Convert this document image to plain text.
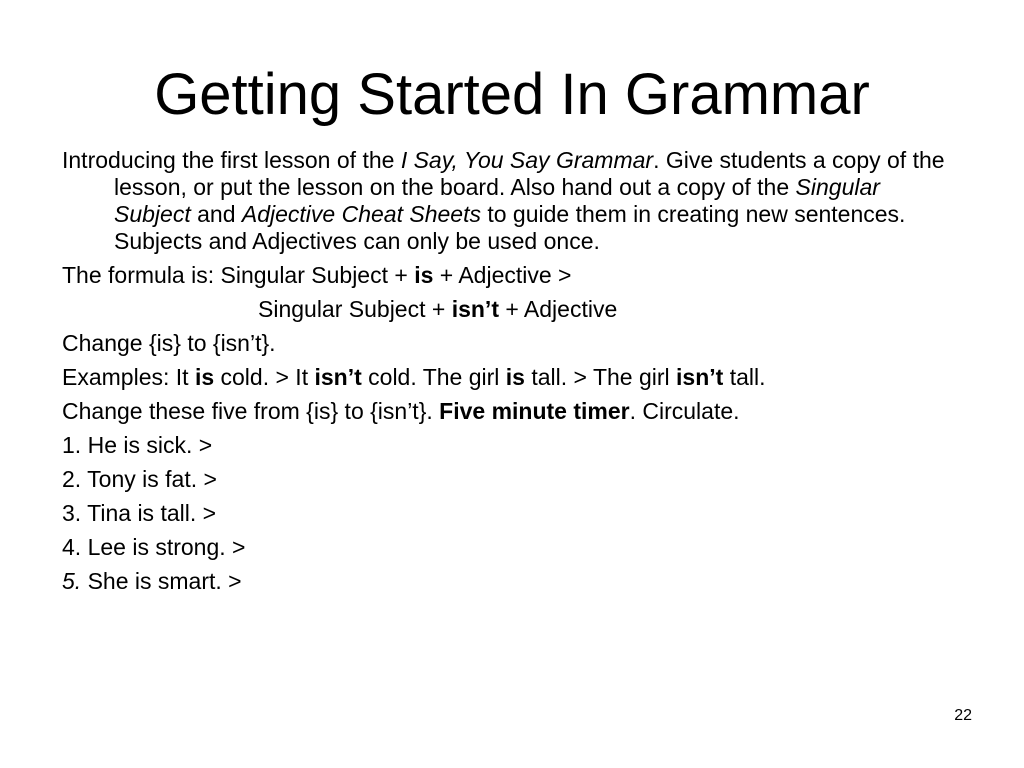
Getting Started In Grammar
Introducing the first lesson of the I Say, You Say Grammar. Give students a copy of the lesson, or put the lesson on the board. Also hand out a copy of the Singular Subject and Adjective Cheat Sheets to guide them in creating new sentences. Subjects and Adjectives can only be used once.
The formula is: Singular Subject + is + Adjective >
Singular Subject + isn’t + Adjective
Change {is} to {isn’t}.
Examples: It is cold. > It isn’t cold. The girl is tall. > The girl isn’t tall.
Change these five from {is} to {isn’t}. Five minute timer. Circulate.
1. He is sick. >
2. Tony is fat. >
3. Tina is tall. >
4. Lee is strong. >
5. She is smart. >
22
